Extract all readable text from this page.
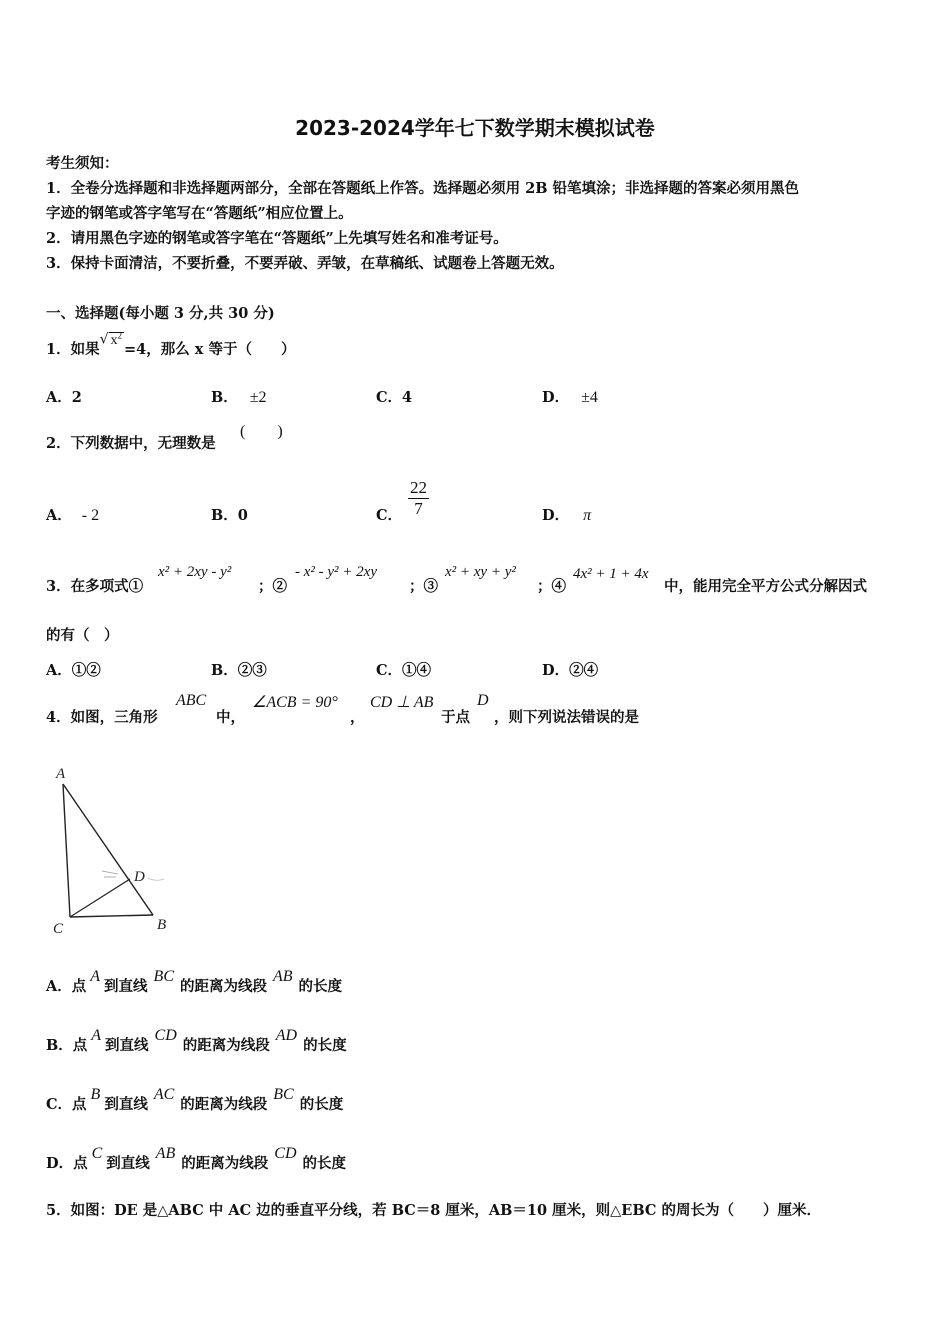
2023-2024学年七下数学期末模拟试卷
考生须知：
1．全卷分选择题和非选择题两部分，全部在答题纸上作答。选择题必须用 2B 铅笔填涂；非选择题的答案必须用黑色
字迹的钢笔或答字笔写在“答题纸”相应位置上。
2．请用黑色字迹的钢笔或答字笔在“答题纸”上先填写姓名和准考证号。
3．保持卡面清洁，不要折叠，不要弄破、弄皱，在草稿纸、试题卷上答题无效。
一、选择题(每小题 3 分,共 30 分)
1．如果√ $x^2=4$，那么 x 等于（　　）
A．2	B． ±2	C．4	D． ±4
2．下列数据中，无理数是
(　　)
A． - 2	B．0	C． $\frac{22}{7}$	D． π
3．在多项式①
x² + 2xy - y²
；②
- x² - y² + 2xy
；③
x² + xy + y²
；④
4x² + 1 + 4x
中，能用完全平方公式分解因式
的有（　）
A．①②	B．②③	C．①④	D．②④
4．如图，三角形
ABC
中，
∠ACB = 90°
，
CD ⊥ AB
于点
D
，则下列说法错误的是
A
D
C	B
A．点A到直线BC的距离为线段AB的长度
B．点A到直线CD的距离为线段AD的长度
C．点B到直线AC的距离为线段BC的长度
D．点C到直线AB的距离为线段CD的长度
5．如图：DE 是△ABC 中 AC 边的垂直平分线，若 BC＝8 厘米，AB＝10 厘米，则△EBC 的周长为（　　）厘米．
